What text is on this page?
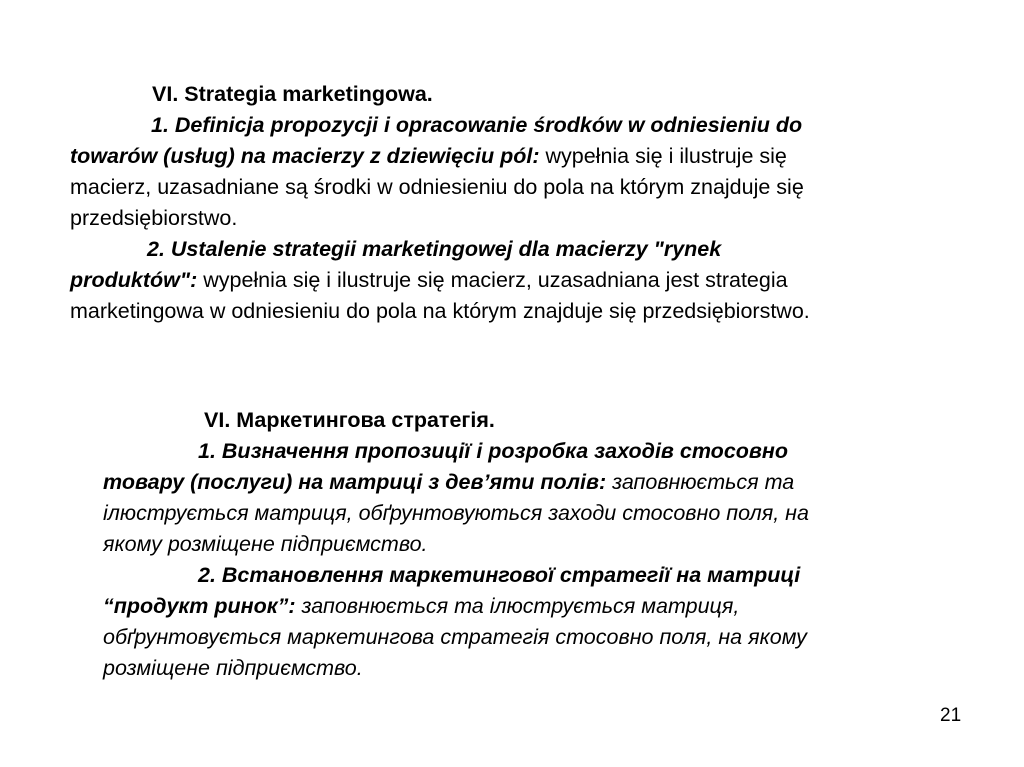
VI. Strategia marketingowa.
1. Definicja propozycji i opracowanie środków w odniesieniu do
towarów (usług) na macierzy z dziewięciu pól: wypełnia się i ilustruje się
macierz, uzasadniane są środki w odniesieniu do pola na którym znajduje się
przedsiębiorstwo.
2. Ustalenie strategii marketingowej dla macierzy "rynek
produktów": wypełnia się i ilustruje się macierz, uzasadniana jest strategia
marketingowa w odniesieniu do pola na którym znajduje się przedsiębiorstwo.
VI. Маркетингова стратегія.
1. Визначення пропозиції і розробка заходів стосовно
товару (послуги) на матриці з дев’яти полів: заповнюється та
ілюструється матриця, обґрунтовуються заходи стосовно поля, на
якому розміщене підприємство.
2. Встановлення маркетингової стратегії на матриці
“продукт ринок”: заповнюється та ілюструється матриця,
обґрунтовується маркетингова стратегія стосовно поля, на якому
розміщене підприємство.
21
